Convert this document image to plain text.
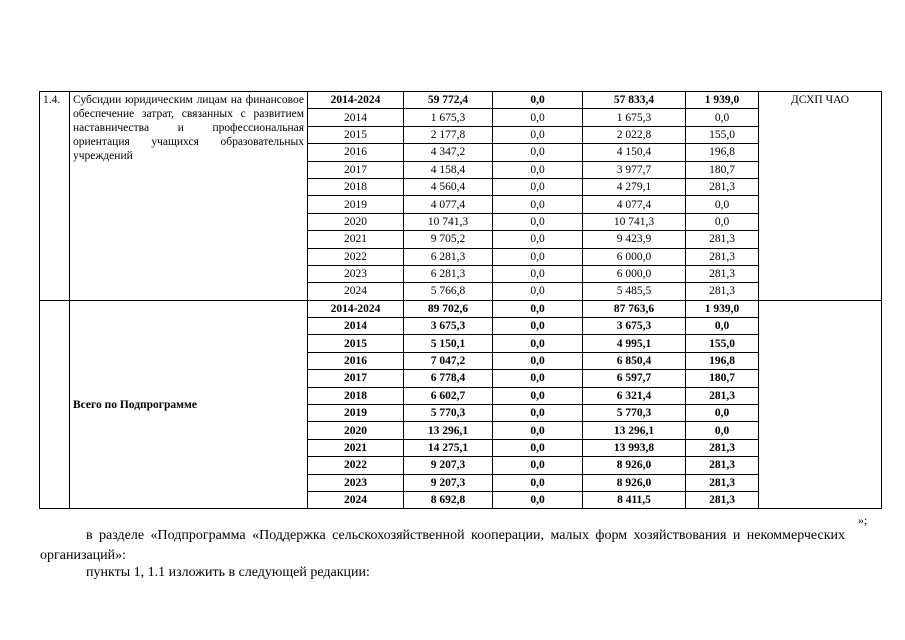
1.4.	Субсидии юридическим лицам на финансовое обеспечение затрат, связанных с развитием наставничества и профессиональная ориентация учащихся образовательных учреждений	2014-2024	59 772,4	0,0	57 833,4	1 939,0	ДСХП ЧАО
		2014	1 675,3	0,0	1 675,3	0,0	
		2015	2 177,8	0,0	2 022,8	155,0	
		2016	4 347,2	0,0	4 150,4	196,8	
		2017	4 158,4	0,0	3 977,7	180,7	
		2018	4 560,4	0,0	4 279,1	281,3	
		2019	4 077,4	0,0	4 077,4	0,0	
		2020	10 741,3	0,0	10 741,3	0,0	
		2021	9 705,2	0,0	9 423,9	281,3	
		2022	6 281,3	0,0	6 000,0	281,3	
		2023	6 281,3	0,0	6 000,0	281,3	
		2024	5 766,8	0,0	5 485,5	281,3	
	Всего по Подпрограмме	2014-2024	89 702,6	0,0	87 763,6	1 939,0	
		2014	3 675,3	0,0	3 675,3	0,0	
		2015	5 150,1	0,0	4 995,1	155,0	
		2016	7 047,2	0,0	6 850,4	196,8	
		2017	6 778,4	0,0	6 597,7	180,7	
		2018	6 602,7	0,0	6 321,4	281,3	
		2019	5 770,3	0,0	5 770,3	0,0	
		2020	13 296,1	0,0	13 296,1	0,0	
		2021	14 275,1	0,0	13 993,8	281,3	
		2022	9 207,3	0,0	8 926,0	281,3	
		2023	9 207,3	0,0	8 926,0	281,3	
		2024	8 692,8	0,0	8 411,5	281,3	
»;
в разделе «Подпрограмма «Поддержка сельскохозяйственной кооперации, малых форм хозяйствования и некоммерческих организаций»:
пункты 1, 1.1 изложить в следующей редакции:
